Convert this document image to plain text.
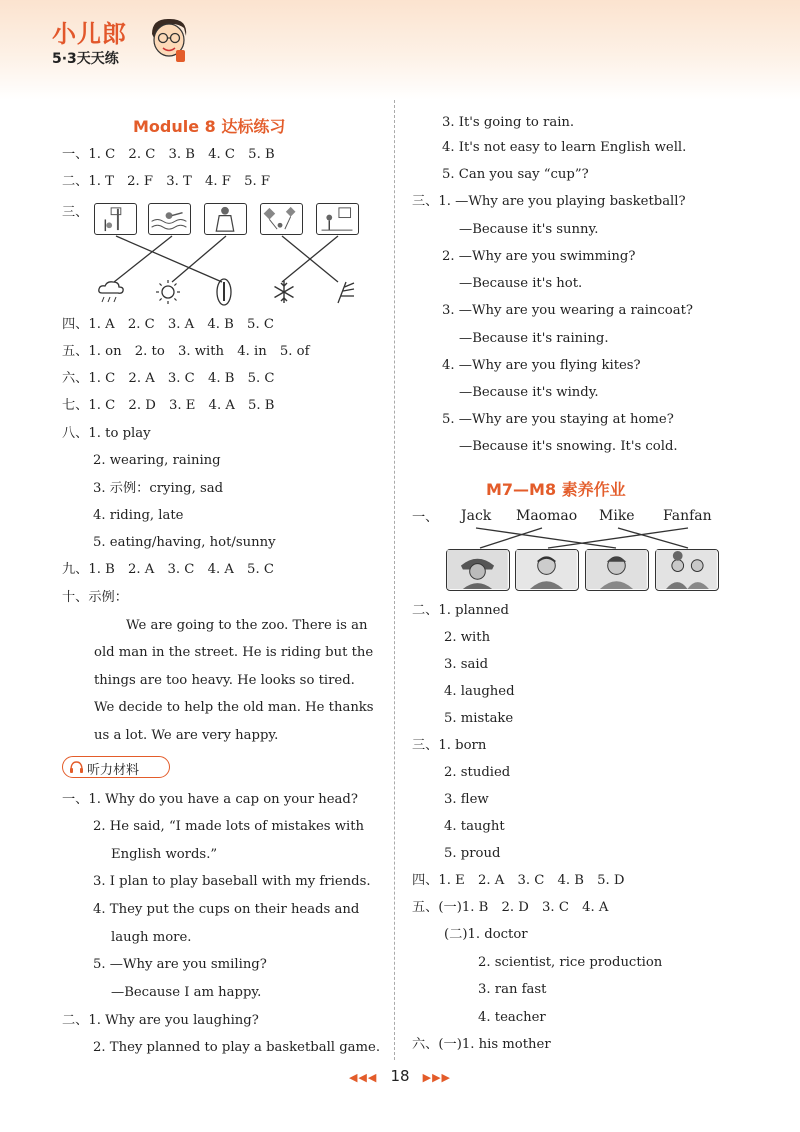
小儿郎
5·3天天练
Module 8 达标练习
一、1. C　2. C　3. B　4. C　5. B
二、1. T　2. F　3. T　4. F　5. F
三、
四、1. A　2. C　3. A　4. B　5. C
五、1. on　2. to　3. with　4. in　5. of
六、1. C　2. A　3. C　4. B　5. C
七、1. C　2. D　3. E　4. A　5. B
八、1. to play
2. wearing, raining
3. 示例：crying, sad
4. riding, late
5. eating/having, hot/sunny
九、1. B　2. A　3. C　4. A　5. C
十、示例：
We are going to the zoo. There is an
old man in the street. He is riding but the
things are too heavy. He looks so tired.
We decide to help the old man. He thanks
us a lot. We are very happy.
听力材料
一、1. Why do you have a cap on your head?
2. He said, “I made lots of mistakes with
English words.”
3. I plan to play baseball with my friends.
4. They put the cups on their heads and
laugh more.
5. —Why are you smiling?
—Because I am happy.
二、1. Why are you laughing?
2. They planned to play a basketball game.
3. It's going to rain.
4. It's not easy to learn English well.
5. Can you say “cup”?
三、1. —Why are you playing basketball?
—Because it's sunny.
2. —Why are you swimming?
—Because it's hot.
3. —Why are you wearing a raincoat?
—Because it's raining.
4. —Why are you flying kites?
—Because it's windy.
5. —Why are you staying at home?
—Because it's snowing. It's cold.
M7—M8 素养作业
一、 Jack Maomao Mike Fanfan
二、1. planned
2. with
3. said
4. laughed
5. mistake
三、1. born
2. studied
3. flew
4. taught
5. proud
四、1. E　2. A　3. C　4. B　5. D
五、(一)1. B　2. D　3. C　4. A
(二)1. doctor
2. scientist, rice production
3. ran fast
4. teacher
六、(一)1. his mother
◀◀◀ 18 ▶▶▶
